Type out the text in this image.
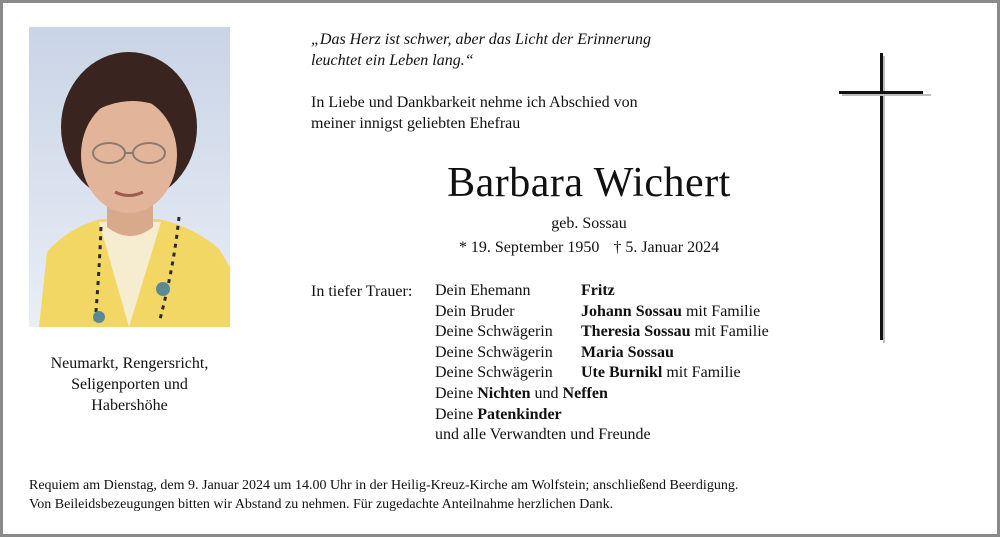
Neumarkt, Rengersricht,
Seligenporten und
Habershöhe
„Das Herz ist schwer, aber das Licht der Erinnerung
leuchtet ein Leben lang.“
In Liebe und Dankbarkeit nehme ich Abschied von
meiner innigst geliebten Ehefrau
Barbara Wichert
geb. Sossau
* 19. September 1950 † 5. Januar 2024
In tiefer Trauer: Dein Ehemann	Fritz
Dein Bruder	Johann Sossau mit Familie
Deine Schwägerin Theresia Sossau mit Familie
Deine Schwägerin Maria Sossau
Deine Schwägerin Ute Burnikl mit Familie
Deine Nichten und Neffen
Deine Patenkinder
und alle Verwandten und Freunde
Requiem am Dienstag, dem 9. Januar 2024 um 14.00 Uhr in der Heilig-Kreuz-Kirche am Wolfstein; anschließend Beerdigung.
Von Beileidsbezeugungen bitten wir Abstand zu nehmen. Für zugedachte Anteilnahme herzlichen Dank.
